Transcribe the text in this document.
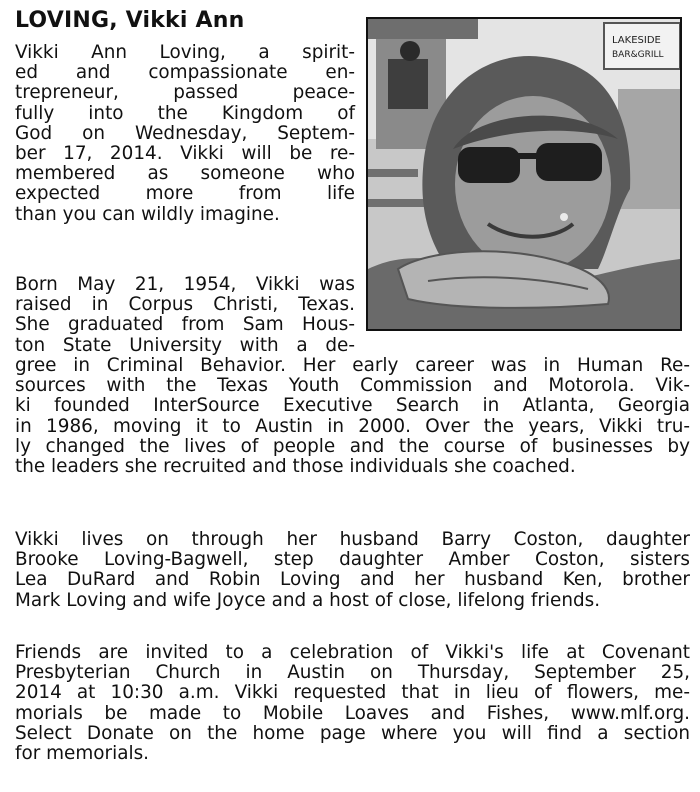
LOVING, Vikki Ann
LAKESIDE
BAR&GRILL
Vikki Ann Loving, a spirit-
ed and compassionate en-
trepreneur, passed peace-
fully into the Kingdom of
God on Wednesday, Septem-
ber 17, 2014. Vikki will be re-
membered as someone who
expected more from life
than you can wildly imagine.
Born May 21, 1954, Vikki was
raised in Corpus Christi, Texas.
She graduated from Sam Hous-
ton State University with a de-
gree in Criminal Behavior. Her early career was in Human Re-
sources with the Texas Youth Commission and Motorola. Vik-
ki founded InterSource Executive Search in Atlanta, Georgia
in 1986, moving it to Austin in 2000. Over the years, Vikki tru-
ly changed the lives of people and the course of businesses by
the leaders she recruited and those individuals she coached.
Vikki lives on through her husband Barry Coston, daughter
Brooke Loving-Bagwell, step daughter Amber Coston, sisters
Lea DuRard and Robin Loving and her husband Ken, brother
Mark Loving and wife Joyce and a host of close, lifelong friends.
Friends are invited to a celebration of Vikki's life at Covenant
Presbyterian Church in Austin on Thursday, September 25,
2014 at 10:30 a.m. Vikki requested that in lieu of flowers, me-
morials be made to Mobile Loaves and Fishes, www.mlf.org.
Select Donate on the home page where you will find a section
for memorials.
